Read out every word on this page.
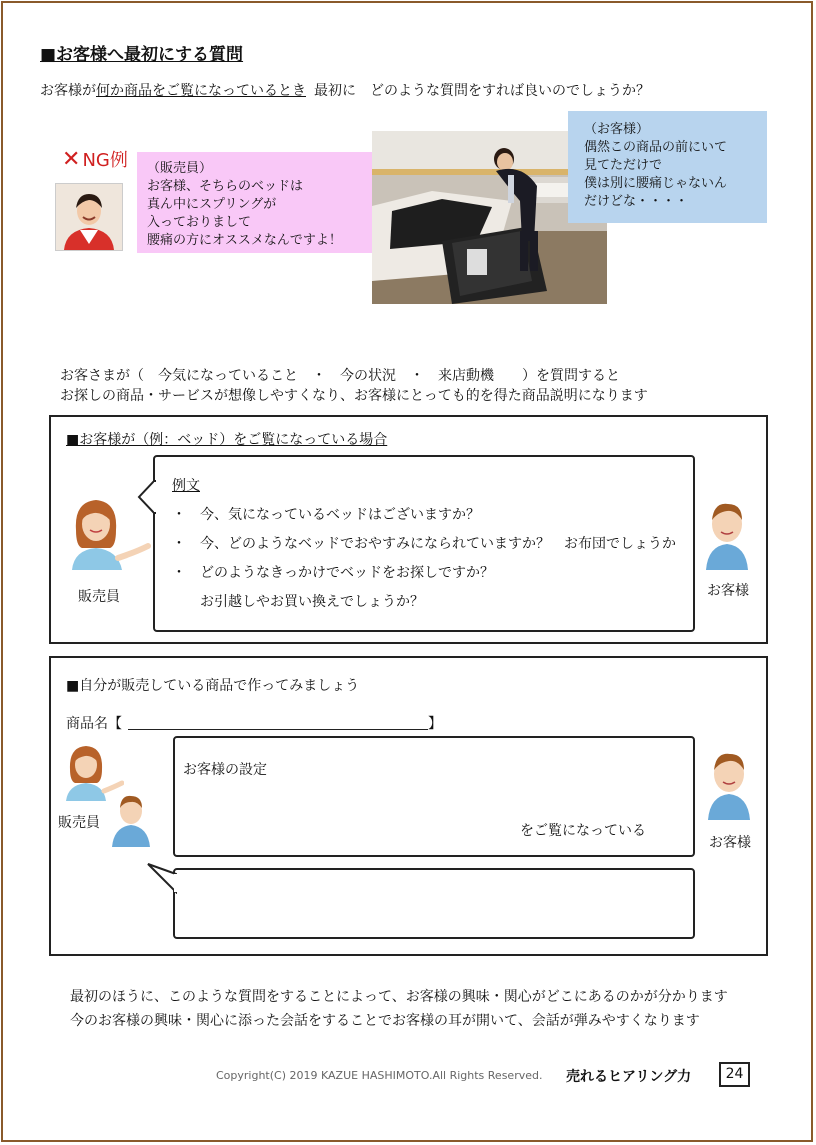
■お客様へ最初にする質問
お客様が何か商品をご覧になっているとき 最初に　どのような質問をすれば良いのでしょうか？
✕ NG例 （販売員）
お客様、そちらのベッドは
真ん中にスプリングが
入っておりまして
腰痛の方にオススメなんですよ！
（お客様）
偶然この商品の前にいて
見てただけで
僕は別に腰痛じゃないん
だけどな・・・・
お客さまが（　今気になっていること　・　今の状況　・　来店動機　　）を質問すると
お探しの商品・サービスが想像しやすくなり、お客様にとっても的を得た商品説明になります
■お客様が（例：ベッド）をご覧になっている場合
販売員
例文
・　今、気になっているベッドはございますか？
・　今、どのようなベッドでおやすみになられていますか？　お布団でしょうか
・　どのようなきっかけでベッドをお探しですか？
　　お引越しやお買い換えでしょうか？
お客様
■自分が販売している商品で作ってみましょう
商品名【	】
販売員
お客様の設定
をご覧になっている
お客様
最初のほうに、このような質問をすることによって、お客様の興味・関心がどこにあるのかが分かります
今のお客様の興味・関心に添った会話をすることでお客様の耳が開いて、会話が弾みやすくなります
Copyright(C) 2019 KAZUE HASHIMOTO.All Rights Reserved. 売れるヒアリング力	24
